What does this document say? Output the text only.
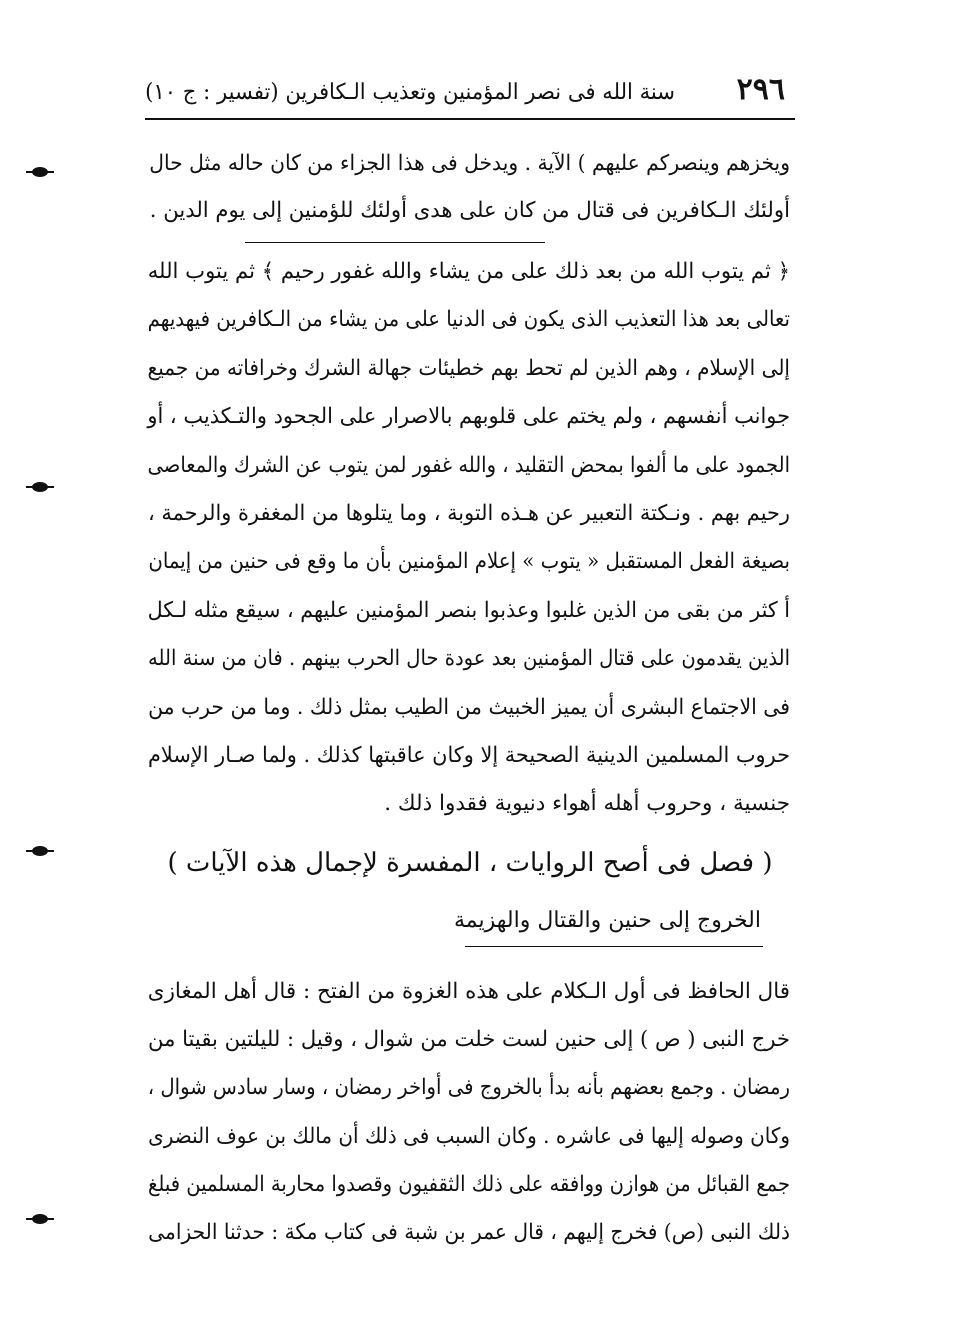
سنة الله فى نصر المؤمنين وتعذيب الـكافرين (تفسير : ج ١٠) ٢٩٦
ويخزهم وينصركم عليهم ) الآية . ويدخل فى هذا الجزاء من كان حاله مثل حال
أولئك الـكافرين فى قتال من كان على هدى أولئك للؤمنين إلى يوم الدين .
﴿ ثم يتوب الله من بعد ذلك على من يشاء والله غفور رحيم ﴾ ثم يتوب الله
تعالى بعد هذا التعذيب الذى يكون فى الدنيا على من يشاء من الـكافرين فيهديهم
إلى الإسلام ، وهم الذين لم تحط بهم خطيئات جهالة الشرك وخرافاته من جميع
جوانب أنفسهم ، ولم يختم على قلوبهم بالاصرار على الجحود والتـكذيب ، أو
الجمود على ما ألفوا بمحض التقليد ، والله غفور لمن يتوب عن الشرك والمعاصى
رحيم بهم . ونـكتة التعبير عن هـذه التوبة ، وما يتلوها من المغفرة والرحمة ،
بصيغة الفعل المستقبل « يتوب » إعلام المؤمنين بأن ما وقع فى حنين من إيمان
أ كثر من بقى من الذين غلبوا وعذبوا بنصر المؤمنين عليهم ، سيقع مثله لـكل
الذين يقدمون على قتال المؤمنين بعد عودة حال الحرب بينهم . فان من سنة الله
فى الاجتماع البشرى أن يميز الخبيث من الطيب بمثل ذلك . وما من حرب من
حروب المسلمين الدينية الصحيحة إلا وكان عاقبتها كذلك . ولما صـار الإسلام
جنسية ، وحروب أهله أهواء دنيوية فقدوا ذلك .
( فصل فى أصح الروايات ، المفسرة لإجمال هذه الآيات )
الخروج إلى حنين والقتال والهزيمة
قال الحافظ فى أول الـكلام على هذه الغزوة من الفتح : قال أهل المغازى
خرج النبى ( ص ) إلى حنين لست خلت من شوال ، وقيل : لليلتين بقيتا من
رمضان . وجمع بعضهم بأنه بدأ بالخروج فى أواخر رمضان ، وسار سادس شوال ،
وكان وصوله إليها فى عاشره . وكان السبب فى ذلك أن مالك بن عوف النضرى
جمع القبائل من هوازن ووافقه على ذلك الثقفيون وقصدوا محاربة المسلمين فبلغ
ذلك النبى (ص) فخرج إليهم ، قال عمر بن شبة فى كتاب مكة : حدثنا الحزامى
